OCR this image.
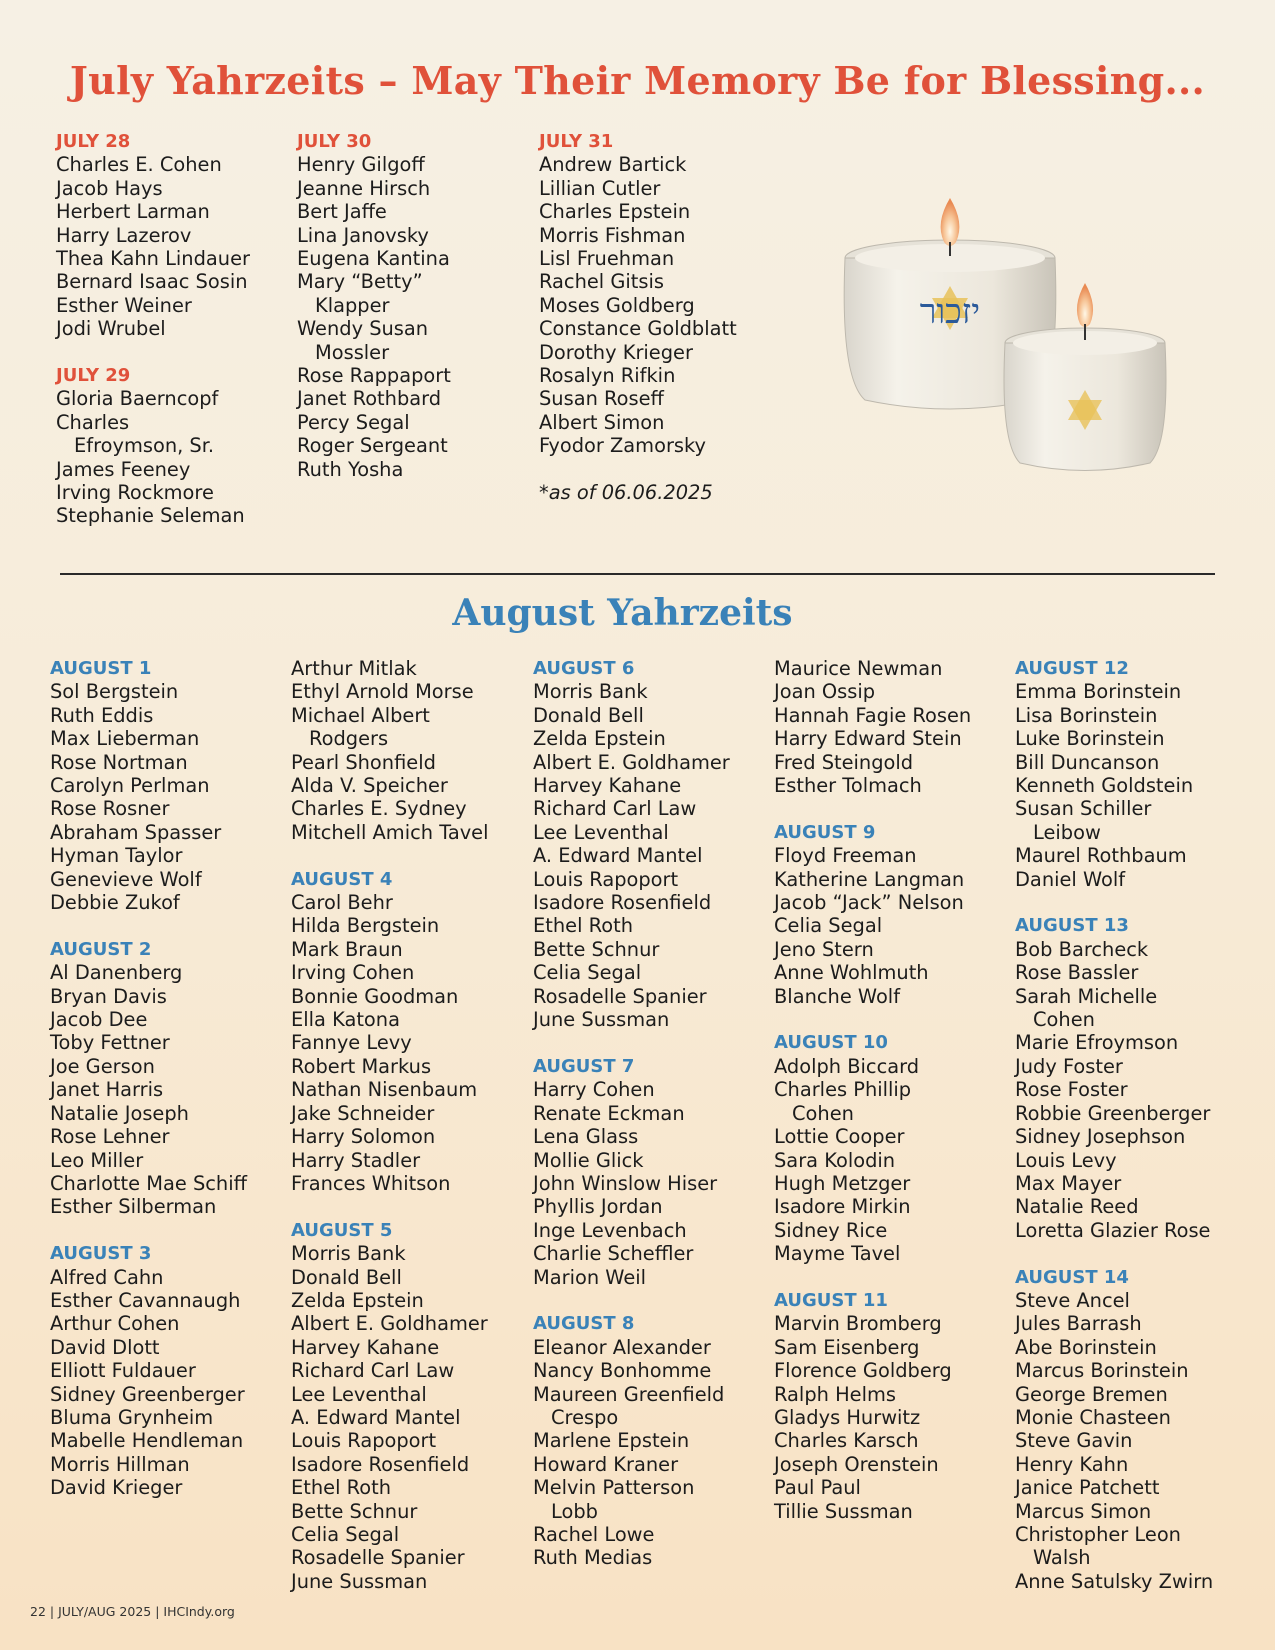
July Yahrzeits – May Their Memory Be for Blessing...
JULY 28
Charles E. Cohen
Jacob Hays
Herbert Larman
Harry Lazerov
Thea Kahn Lindauer
Bernard Isaac Sosin
Esther Weiner
Jodi Wrubel
JULY 29
Gloria Baerncopf
Charles
Efroymson, Sr.
James Feeney
Irving Rockmore
Stephanie Seleman
JULY 30
Henry Gilgoff
Jeanne Hirsch
Bert Jaffe
Lina Janovsky
Eugena Kantina
Mary “Betty”
Klapper
Wendy Susan
Mossler
Rose Rappaport
Janet Rothbard
Percy Segal
Roger Sergeant
Ruth Yosha
JULY 31
Andrew Bartick
Lillian Cutler
Charles Epstein
Morris Fishman
Lisl Fruehman
Rachel Gitsis
Moses Goldberg
Constance Goldblatt
Dorothy Krieger
Rosalyn Rifkin
Susan Roseff
Albert Simon
Fyodor Zamorsky
*as of 06.06.2025
יזכור
August Yahrzeits
AUGUST 1
Sol Bergstein
Ruth Eddis
Max Lieberman
Rose Nortman
Carolyn Perlman
Rose Rosner
Abraham Spasser
Hyman Taylor
Genevieve Wolf
Debbie Zukof
AUGUST 2
Al Danenberg
Bryan Davis
Jacob Dee
Toby Fettner
Joe Gerson
Janet Harris
Natalie Joseph
Rose Lehner
Leo Miller
Charlotte Mae Schiff
Esther Silberman
AUGUST 3
Alfred Cahn
Esther Cavannaugh
Arthur Cohen
David Dlott
Elliott Fuldauer
Sidney Greenberger
Bluma Grynheim
Mabelle Hendleman
Morris Hillman
David Krieger
Arthur Mitlak
Ethyl Arnold Morse
Michael Albert
Rodgers
Pearl Shonfield
Alda V. Speicher
Charles E. Sydney
Mitchell Amich Tavel
AUGUST 4
Carol Behr
Hilda Bergstein
Mark Braun
Irving Cohen
Bonnie Goodman
Ella Katona
Fannye Levy
Robert Markus
Nathan Nisenbaum
Jake Schneider
Harry Solomon
Harry Stadler
Frances Whitson
AUGUST 5
Morris Bank
Donald Bell
Zelda Epstein
Albert E. Goldhamer
Harvey Kahane
Richard Carl Law
Lee Leventhal
A. Edward Mantel
Louis Rapoport
Isadore Rosenfield
Ethel Roth
Bette Schnur
Celia Segal
Rosadelle Spanier
June Sussman
AUGUST 6
Morris Bank
Donald Bell
Zelda Epstein
Albert E. Goldhamer
Harvey Kahane
Richard Carl Law
Lee Leventhal
A. Edward Mantel
Louis Rapoport
Isadore Rosenfield
Ethel Roth
Bette Schnur
Celia Segal
Rosadelle Spanier
June Sussman
AUGUST 7
Harry Cohen
Renate Eckman
Lena Glass
Mollie Glick
John Winslow Hiser
Phyllis Jordan
Inge Levenbach
Charlie Scheffler
Marion Weil
AUGUST 8
Eleanor Alexander
Nancy Bonhomme
Maureen Greenfield
Crespo
Marlene Epstein
Howard Kraner
Melvin Patterson
Lobb
Rachel Lowe
Ruth Medias
Maurice Newman
Joan Ossip
Hannah Fagie Rosen
Harry Edward Stein
Fred Steingold
Esther Tolmach
AUGUST 9
Floyd Freeman
Katherine Langman
Jacob “Jack” Nelson
Celia Segal
Jeno Stern
Anne Wohlmuth
Blanche Wolf
AUGUST 10
Adolph Biccard
Charles Phillip
Cohen
Lottie Cooper
Sara Kolodin
Hugh Metzger
Isadore Mirkin
Sidney Rice
Mayme Tavel
AUGUST 11
Marvin Bromberg
Sam Eisenberg
Florence Goldberg
Ralph Helms
Gladys Hurwitz
Charles Karsch
Joseph Orenstein
Paul Paul
Tillie Sussman
AUGUST 12
Emma Borinstein
Lisa Borinstein
Luke Borinstein
Bill Duncanson
Kenneth Goldstein
Susan Schiller
Leibow
Maurel Rothbaum
Daniel Wolf
AUGUST 13
Bob Barcheck
Rose Bassler
Sarah Michelle
Cohen
Marie Efroymson
Judy Foster
Rose Foster
Robbie Greenberger
Sidney Josephson
Louis Levy
Max Mayer
Natalie Reed
Loretta Glazier Rose
AUGUST 14
Steve Ancel
Jules Barrash
Abe Borinstein
Marcus Borinstein
George Bremen
Monie Chasteen
Steve Gavin
Henry Kahn
Janice Patchett
Marcus Simon
Christopher Leon
Walsh
Anne Satulsky Zwirn
22 | JULY/AUG 2025 | IHCIndy.org
